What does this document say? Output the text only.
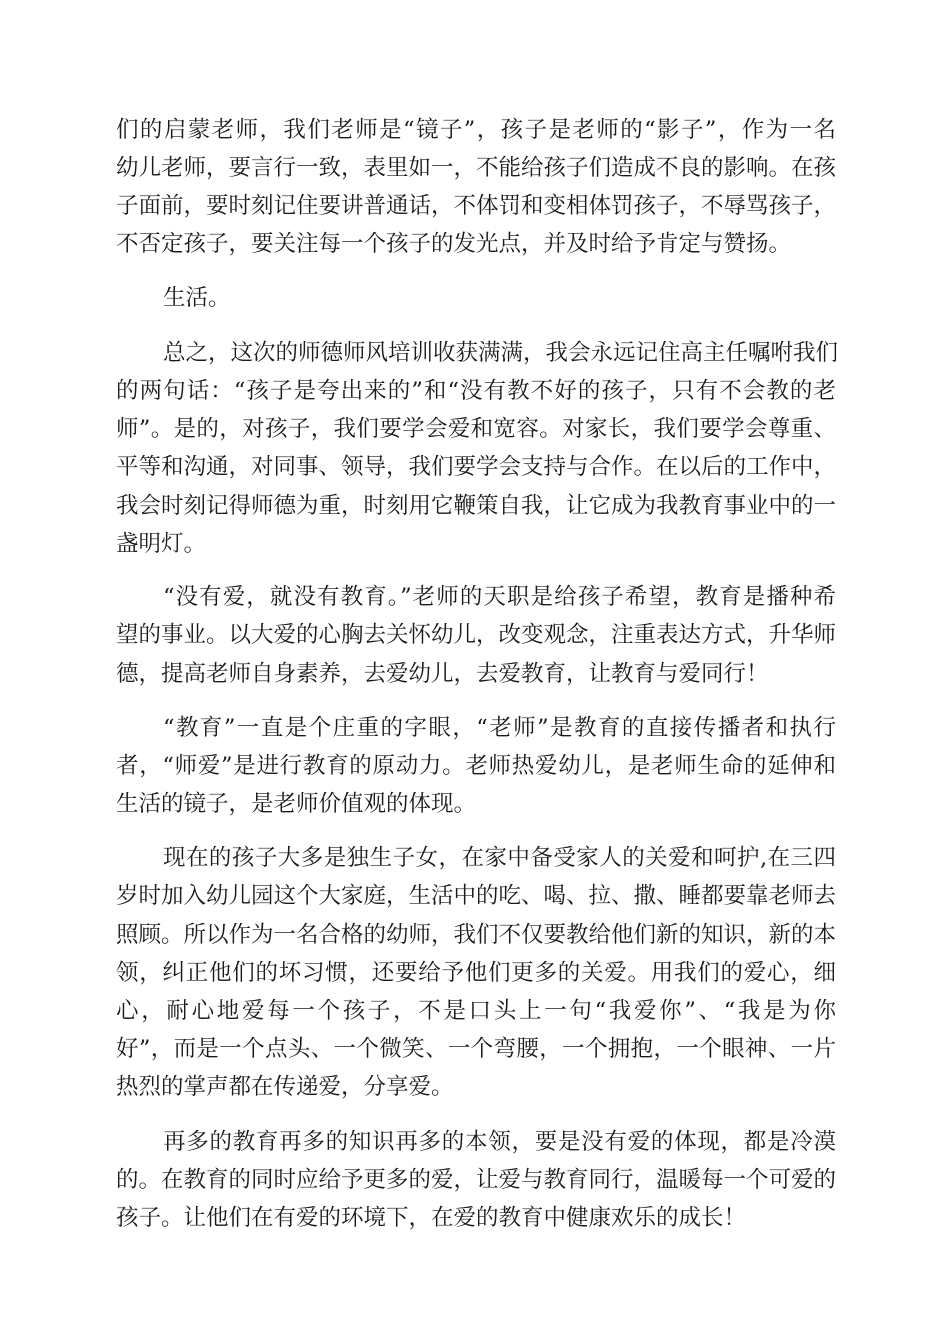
们的启蒙老师，我们老师是“镜子”，孩子是老师的“影子”，作为一名
幼儿老师，要言行一致，表里如一，不能给孩子们造成不良的影响。在孩
子面前，要时刻记住要讲普通话，不体罚和变相体罚孩子，不辱骂孩子，
不否定孩子，要关注每一个孩子的发光点，并及时给予肯定与赞扬。
生活。
总之，这次的师德师风培训收获满满，我会永远记住高主任嘱咐我们
的两句话：“孩子是夸出来的”和“没有教不好的孩子，只有不会教的老
师”。是的，对孩子，我们要学会爱和宽容。对家长，我们要学会尊重、
平等和沟通，对同事、领导，我们要学会支持与合作。在以后的工作中，
我会时刻记得师德为重，时刻用它鞭策自我，让它成为我教育事业中的一
盏明灯。
“没有爱，就没有教育。”老师的天职是给孩子希望，教育是播种希
望的事业。以大爱的心胸去关怀幼儿，改变观念，注重表达方式，升华师
德，提高老师自身素养，去爱幼儿，去爱教育，让教育与爱同行！
“教育”一直是个庄重的字眼，“老师”是教育的直接传播者和执行
者，“师爱”是进行教育的原动力。老师热爱幼儿，是老师生命的延伸和
生活的镜子，是老师价值观的体现。
现在的孩子大多是独生子女，在家中备受家人的关爱和呵护,在三四
岁时加入幼儿园这个大家庭，生活中的吃、喝、拉、撒、睡都要靠老师去
照顾。所以作为一名合格的幼师，我们不仅要教给他们新的知识，新的本
领，纠正他们的坏习惯，还要给予他们更多的关爱。用我们的爱心，细
心，耐心地爱每一个孩子，不是口头上一句“我爱你”、“我是为你
好”，而是一个点头、一个微笑、一个弯腰，一个拥抱，一个眼神、一片
热烈的掌声都在传递爱，分享爱。
再多的教育再多的知识再多的本领，要是没有爱的体现，都是冷漠
的。在教育的同时应给予更多的爱，让爱与教育同行，温暖每一个可爱的
孩子。让他们在有爱的环境下，在爱的教育中健康欢乐的成长！
